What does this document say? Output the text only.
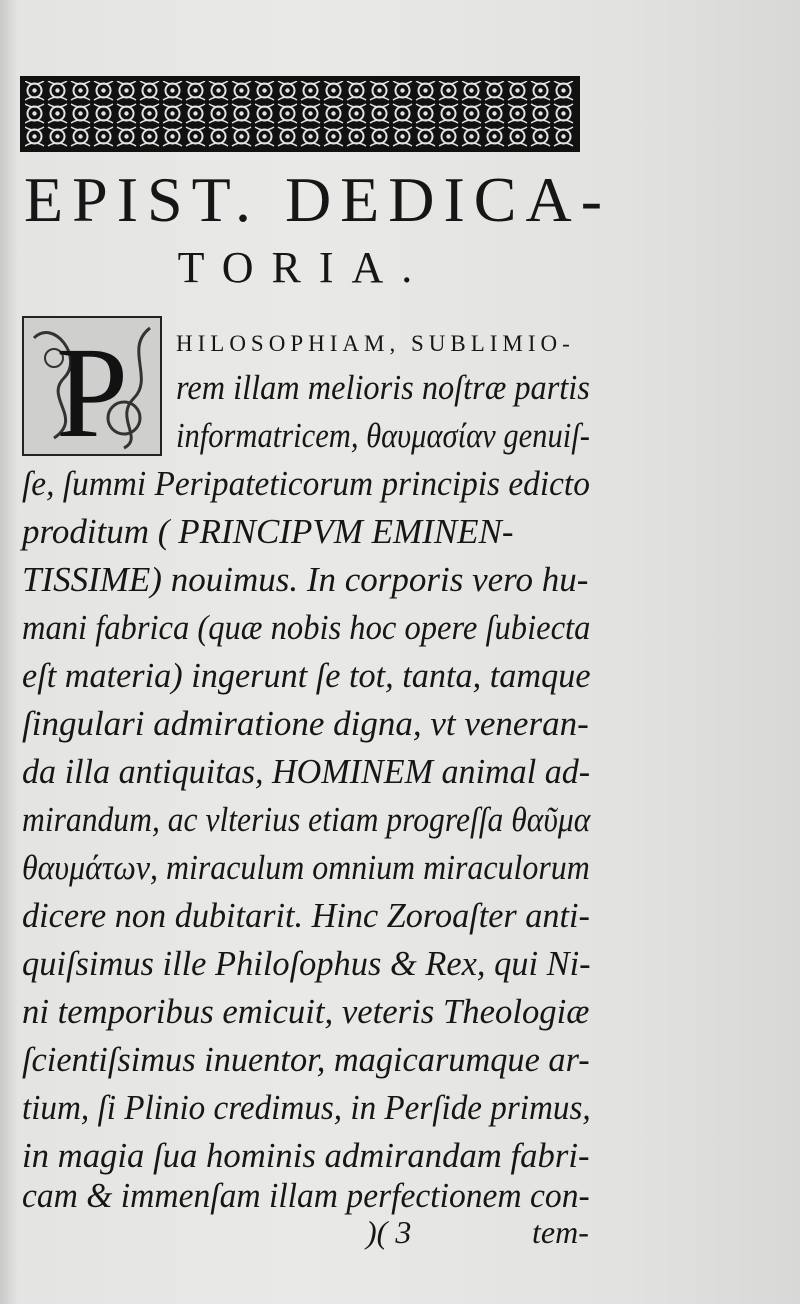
EPIST. DEDICA-
TORIA.
P HILOSOPHIAM, SUBLIMIO-
rem illam melioris noſtræ partis
informatricem, θαυμασίαν genuiſ-
ſe, ſummi Peripateticorum principis edicto
proditum ( PRINCIPVM EMINEN-
TISSIME) nouimus. In corporis vero hu-
mani fabrica (quæ nobis hoc opere ſubiecta
eſt materia) ingerunt ſe tot, tanta, tamque
ſingulari admiratione digna, vt veneran-
da illa antiquitas, HOMINEM animal ad-
mirandum, ac vlterius etiam progreſſa θαῦμα
θαυμάτων, miraculum omnium miraculorum
dicere non dubitarit. Hinc Zoroaſter anti-
quiſsimus ille Philoſophus & Rex, qui Ni-
ni temporibus emicuit, veteris Theologiæ
ſcientiſsimus inuentor, magicarumque ar-
tium, ſi Plinio credimus, in Perſide primus,
in magia ſua hominis admirandam fabri-
cam & immenſam illam perfectionem con-
)( 3	tem-
